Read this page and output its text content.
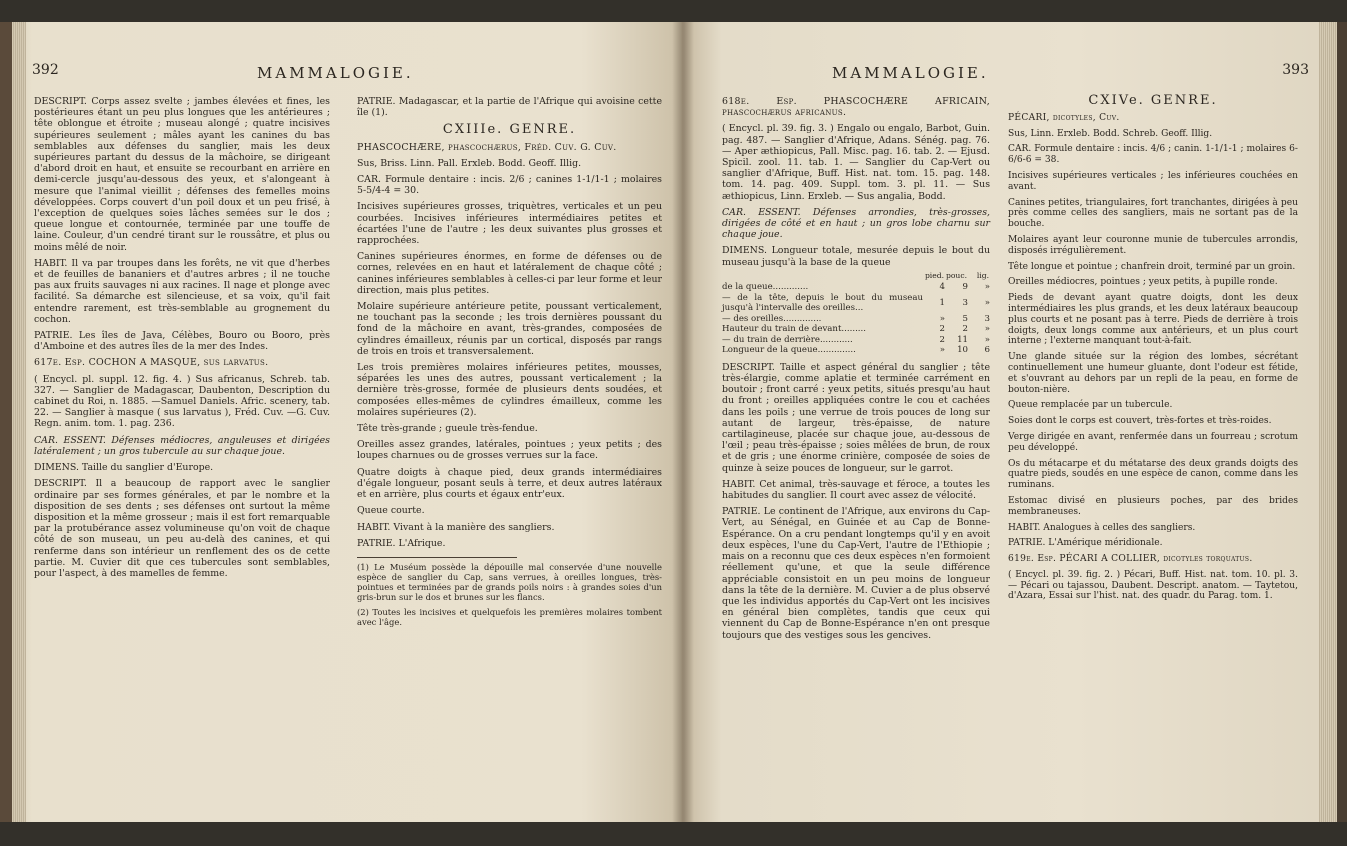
392	MAMMALOGIE.

DESCRIPT. Corps assez svelte ; jambes élevées et fines, les postérieures étant un peu plus longues que les antérieures ; tête oblongue et étroite ; museau alongé ; quatre incisives supérieures seulement ; mâles ayant les canines du bas semblables aux défenses du sanglier, mais les deux supérieures partant du dessus de la mâchoire, se dirigeant d'abord droit en haut, et ensuite se recourbant en arrière en demi-cercle jusqu'au-dessous des yeux, et s'alongeant à mesure que l'animal vieillit ; défenses des femelles moins développées. Corps couvert d'un poil doux et un peu frisé, à l'exception de quelques soies lâches semées sur le dos ; queue longue et contournée, terminée par une touffe de laine. Couleur, d'un cendré tirant sur le roussâtre, et plus ou moins mêlé de noir.

HABIT. Il va par troupes dans les forêts, ne vit que d'herbes et de feuilles de bananiers et d'autres arbres ; il ne touche pas aux fruits sauvages ni aux racines. Il nage et plonge avec facilité. Sa démarche est silencieuse, et sa voix, qu'il fait entendre rarement, est très-semblable au grognement du cochon.

PATRIE. Les îles de Java, Célèbes, Bouro ou Booro, près d'Amboine et des autres îles de la mer des Indes.

617e. Esp. COCHON A MASQUE, sus larvatus.

( Encycl. pl. suppl. 12. fig. 4. ) Sus africanus, Schreb. tab. 327. — Sanglier de Madagascar, Daubenton, Description du cabinet du Roi, n. 1885. —Samuel Daniels. Afric. scenery, tab. 22. — Sanglier à masque ( sus larvatus ), Fréd. Cuv. —G. Cuv. Regn. anim. tom. 1. pag. 236.

CAR. ESSENT. Défenses médiocres, anguleuses et dirigées latéralement ; un gros tubercule au sur chaque joue.

DIMENS. Taille du sanglier d'Europe.

DESCRIPT. Il a beaucoup de rapport avec le sanglier ordinaire par ses formes générales, et par le nombre et la disposition de ses dents ; ses défenses ont surtout la même disposition et la même grosseur ; mais il est fort remarquable par la protubérance assez volumineuse qu'on voit de chaque côté de son museau, un peu au-delà des canines, et qui renferme dans son intérieur un renflement des os de cette partie. M. Cuvier dit que ces tubercules sont semblables, pour l'aspect, à des mamelles de femme.

PATRIE. Madagascar, et la partie de l'Afrique qui avoisine cette île (1).

CXIIIe. GENRE.

PHASCOCHÆRE, phascochærus, Fréd. Cuv. G. Cuv.

Sus, Briss. Linn. Pall. Erxleb. Bodd. Geoff. Illig.

CAR. Formule dentaire : incis. 2/6 ; canines 1-1/1-1 ; molaires 5-5/4-4 = 30.

Incisives supérieures grosses, triquètres, verticales et un peu courbées. Incisives inférieures intermédiaires petites et écartées l'une de l'autre ; les deux suivantes plus grosses et rapprochées.

Canines supérieures énormes, en forme de défenses ou de cornes, relevées en en haut et latéralement de chaque côté ; canines inférieures semblables à celles-ci par leur forme et leur direction, mais plus petites.

Molaire supérieure antérieure petite, poussant verticalement, ne touchant pas la seconde ; les trois dernières poussant du fond de la mâchoire en avant, très-grandes, composées de cylindres émailleux, réunis par un cortical, disposés par rangs de trois en trois et transversalement.

Les trois premières molaires inférieures petites, mousses, séparées les unes des autres, poussant verticalement ; la dernière très-grosse, formée de plusieurs dents soudées, et composées elles-mêmes de cylindres émailleux, comme les molaires supérieures (2).

Tête très-grande ; gueule très-fendue.

Oreilles assez grandes, latérales, pointues ; yeux petits ; des loupes charnues ou de grosses verrues sur la face.

Quatre doigts à chaque pied, deux grands intermédiaires d'égale longueur, posant seuls à terre, et deux autres latéraux et en arrière, plus courts et égaux entr'eux.

Queue courte.

HABIT. Vivant à la manière des sangliers.

PATRIE. L'Afrique.

(1) Le Muséum possède la dépouille mal conservée d'une nouvelle espèce de sanglier du Cap, sans verrues, à oreilles longues, très-pointues et terminées par de grands poils noirs : à grandes soies d'un gris-brun sur le dos et brunes sur les flancs.

(2) Toutes les incisives et quelquefois les premières molaires tombent avec l'âge.

MAMMALOGIE.	393

618e. Esp. PHASCOCHÆRE AFRICAIN, phascochærus africanus.

( Encycl. pl. 39. fig. 3. ) Engalo ou engalo, Barbot, Guin. pag. 487. — Sanglier d'Afrique, Adans. Sénég. pag. 76. — Aper æthiopicus, Pall. Misc. pag. 16. tab. 2. — Ejusd. Spicil. zool. 11. tab. 1. — Sanglier du Cap-Vert ou sanglier d'Afrique, Buff. Hist. nat. tom. 15. pag. 148. tom. 14. pag. 409. Suppl. tom. 3. pl. 11. — Sus æthiopicus, Linn. Erxleb. — Sus angalia, Bodd.

CAR. ESSENT. Défenses arrondies, très-grosses, dirigées de côté et en haut ; un gros lobe charnu sur chaque joue.

DIMENS. Longueur totale, mesurée depuis le bout du museau jusqu'à la base de la queue

	pied.	pouc.	lig.
de la queue.............	4	9	»
— de la tête, depuis le bout du museau jusqu'à l'intervalle des oreilles...	1	3	»
— des oreilles..............	»	5	3
Hauteur du train de devant.........	2	2	»
— du train de derrière............	2	11	»
Longueur de la queue..............	»	10	6

DESCRIPT. Taille et aspect général du sanglier ; tête très-élargie, comme aplatie et terminée carrément en boutoir ; front carré : yeux petits, situés presqu'au haut du front ; oreilles appliquées contre le cou et cachées dans les poils ; une verrue de trois pouces de long sur autant de largeur, très-épaisse, de nature cartilagineuse, placée sur chaque joue, au-dessous de l'œil ; peau très-épaisse ; soies mêlées de brun, de roux et de gris ; une énorme crinière, composée de soies de quinze à seize pouces de longueur, sur le garrot.

HABIT. Cet animal, très-sauvage et féroce, a toutes les habitudes du sanglier. Il court avec assez de vélocité.

PATRIE. Le continent de l'Afrique, aux environs du Cap-Vert, au Sénégal, en Guinée et au Cap de Bonne-Espérance. On a cru pendant longtemps qu'il y en avoit deux espèces, l'une du Cap-Vert, l'autre de l'Ethiopie ; mais on a reconnu que ces deux espèces n'en formoient réellement qu'une, et que la seule différence appréciable consistoit en un peu moins de longueur dans la tête de la dernière. M. Cuvier a de plus observé que les individus apportés du Cap-Vert ont les incisives en général bien complètes, tandis que ceux qui viennent du Cap de Bonne-Espérance n'en ont presque toujours que des vestiges sous les gencives.

CXIVe. GENRE.

PÉCARI, dicotyles, Cuv.

Sus, Linn. Erxleb. Bodd. Schreb. Geoff. Illig.

CAR. Formule dentaire : incis. 4/6 ; canin. 1-1/1-1 ; molaires 6-6/6-6 = 38.

Incisives supérieures verticales ; les inférieures couchées en avant.

Canines petites, triangulaires, fort tranchantes, dirigées à peu près comme celles des sangliers, mais ne sortant pas de la bouche.

Molaires ayant leur couronne munie de tubercules arrondis, disposés irrégulièrement.

Tête longue et pointue ; chanfrein droit, terminé par un groin.

Oreilles médiocres, pointues ; yeux petits, à pupille ronde.

Pieds de devant ayant quatre doigts, dont les deux intermédiaires les plus grands, et les deux latéraux beaucoup plus courts et ne posant pas à terre. Pieds de derrière à trois doigts, deux longs comme aux antérieurs, et un plus court interne ; l'externe manquant tout-à-fait.

Une glande située sur la région des lombes, sécrétant continuellement une humeur gluante, dont l'odeur est fétide, et s'ouvrant au dehors par un repli de la peau, en forme de bouton-nière.

Queue remplacée par un tubercule.

Soies dont le corps est couvert, très-fortes et très-roides.

Verge dirigée en avant, renfermée dans un fourreau ; scrotum peu développé.

Os du métacarpe et du métatarse des deux grands doigts des quatre pieds, soudés en une espèce de canon, comme dans les ruminans.

Estomac divisé en plusieurs poches, par des brides membraneuses.

HABIT. Analogues à celles des sangliers.

PATRIE. L'Amérique méridionale.

619e. Esp. PÉCARI A COLLIER, dicotyles torquatus.

( Encycl. pl. 39. fig. 2. ) Pécari, Buff. Hist. nat. tom. 10. pl. 3. — Pécari ou tajassou, Daubent. Descript. anatom. — Taytetou, d'Azara, Essai sur l'hist. nat. des quadr. du Parag. tom. 1.
